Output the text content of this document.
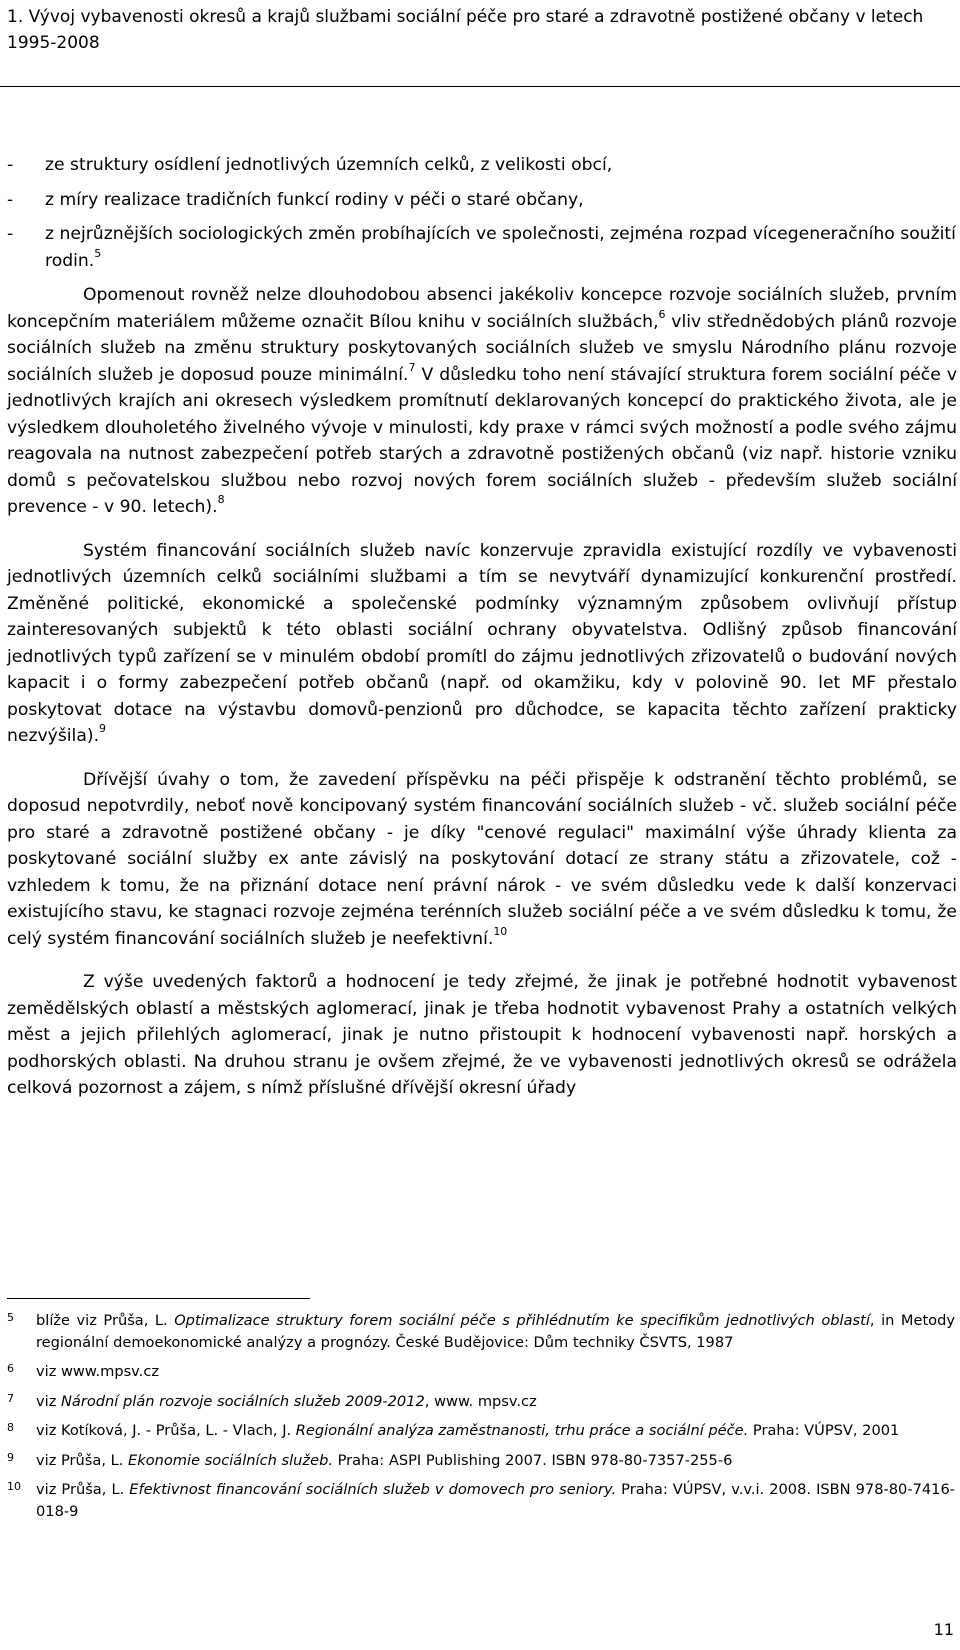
1. Vývoj vybavenosti okresů a krajů službami sociální péče pro staré a zdravotně postižené občany v letech 1995-2008
-	ze struktury osídlení jednotlivých územních celků, z velikosti obcí,
-	z míry realizace tradičních funkcí rodiny v péči o staré občany,
-	z nejrůznějších sociologických změn probíhajících ve společnosti, zejména rozpad vícegeneračního soužití rodin.$^5$

Opomenout rovněž nelze dlouhodobou absenci jakékoliv koncepce rozvoje sociálních služeb, prvním koncepčním materiálem můžeme označit Bílou knihu v sociálních službách,$^6$ vliv střednědobých plánů rozvoje sociálních služeb na změnu struktury poskytovaných sociálních služeb ve smyslu Národního plánu rozvoje sociálních služeb je doposud pouze minimální.$^7$ V důsledku toho není stávající struktura forem sociální péče v jednotlivých krajích ani okresech výsledkem promítnutí deklarovaných koncepcí do praktického života, ale je výsledkem dlouholetého živelného vývoje v minulosti, kdy praxe v rámci svých možností a podle svého zájmu reagovala na nutnost zabezpečení potřeb starých a zdravotně postižených občanů (viz např. historie vzniku domů s pečovatelskou službou nebo rozvoj nových forem sociálních služeb - především služeb sociální prevence - v 90. letech).$^8$

Systém financování sociálních služeb navíc konzervuje zpravidla existující rozdíly ve vybavenosti jednotlivých územních celků sociálními službami a tím se nevytváří dynamizující konkurenční prostředí. Změněné politické, ekonomické a společenské podmínky významným způsobem ovlivňují přístup zainteresovaných subjektů k této oblasti sociální ochrany obyvatelstva. Odlišný způsob financování jednotlivých typů zařízení se v minulém období promítl do zájmu jednotlivých zřizovatelů o budování nových kapacit i o formy zabezpečení potřeb občanů (např. od okamžiku, kdy v polovině 90. let MF přestalo poskytovat dotace na výstavbu domovů-penzionů pro důchodce, se kapacita těchto zařízení prakticky nezvýšila).$^9$

Dřívější úvahy o tom, že zavedení příspěvku na péči přispěje k odstranění těchto problémů, se doposud nepotvrdily, neboť nově koncipovaný systém financování sociálních služeb - vč. služeb sociální péče pro staré a zdravotně postižené občany - je díky "cenové regulaci" maximální výše úhrady klienta za poskytované sociální služby ex ante závislý na poskytování dotací ze strany státu a zřizovatele, což - vzhledem k tomu, že na přiznání dotace není právní nárok - ve svém důsledku vede k další konzervaci existujícího stavu, ke stagnaci rozvoje zejména terénních služeb sociální péče a ve svém důsledku k tomu, že celý systém financování sociálních služeb je neefektivní.$^{10}$

Z výše uvedených faktorů a hodnocení je tedy zřejmé, že jinak je potřebné hodnotit vybavenost zemědělských oblastí a městských aglomerací, jinak je třeba hodnotit vybavenost Prahy a ostatních velkých měst a jejich přilehlých aglomerací, jinak je nutno přistoupit k hodnocení vybavenosti např. horských a podhorských oblasti. Na druhou stranu je ovšem zřejmé, že ve vybavenosti jednotlivých okresů se odrážela celková pozornost a zájem, s nímž příslušné dřívější okresní úřady

5	blíže viz Průša, L. Optimalizace struktury forem sociální péče s přihlédnutím ke specifikům jednotlivých oblastí, in Metody regionální demoekonomické analýzy a prognózy. České Budějovice: Dům techniky ČSVTS, 1987
6	viz www.mpsv.cz
7	viz Národní plán rozvoje sociálních služeb 2009-2012, www. mpsv.cz
8	viz Kotíková, J. - Průša, L. - Vlach, J. Regionální analýza zaměstnanosti, trhu práce a sociální péče. Praha: VÚPSV, 2001
9	viz Průša, L. Ekonomie sociálních služeb. Praha: ASPI Publishing 2007. ISBN 978-80-7357-255-6
10	viz Průša, L. Efektivnost financování sociálních služeb v domovech pro seniory. Praha: VÚPSV, v.v.i. 2008. ISBN 978-80-7416-018-9
11
